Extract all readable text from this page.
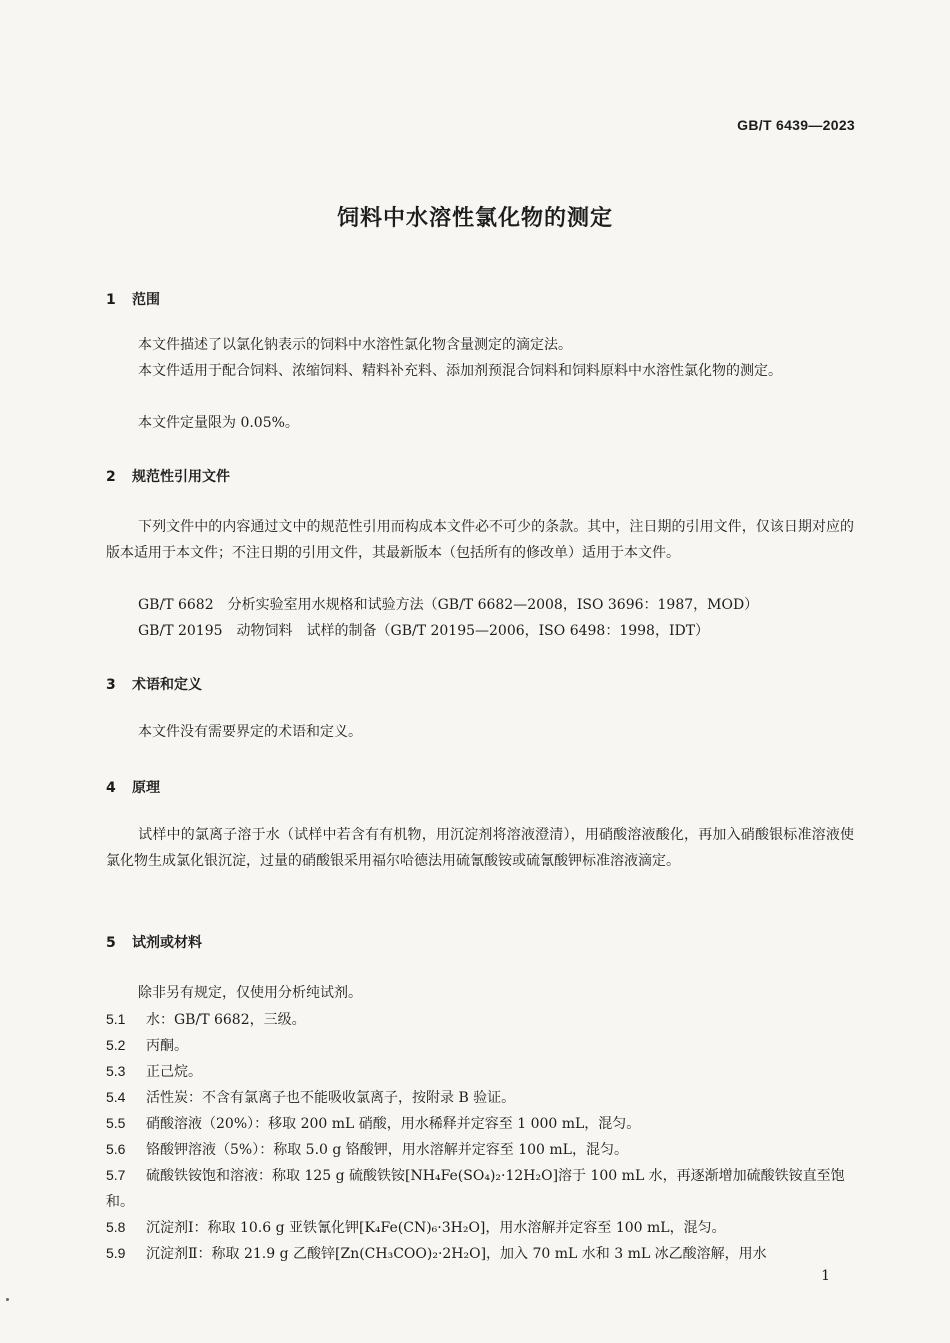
GB/T 6439—2023
饲料中水溶性氯化物的测定
1 范围
本文件描述了以氯化钠表示的饲料中水溶性氯化物含量测定的滴定法。
本文件适用于配合饲料、浓缩饲料、精料补充料、添加剂预混合饲料和饲料原料中水溶性氯化物的测定。
本文件定量限为 0.05%。
2 规范性引用文件
下列文件中的内容通过文中的规范性引用而构成本文件必不可少的条款。其中，注日期的引用文件，仅该日期对应的版本适用于本文件；不注日期的引用文件，其最新版本（包括所有的修改单）适用于本文件。
GB/T 6682　分析实验室用水规格和试验方法（GB/T 6682—2008，ISO 3696：1987，MOD）
GB/T 20195　动物饲料　试样的制备（GB/T 20195—2006，ISO 6498：1998，IDT）
3 术语和定义
本文件没有需要界定的术语和定义。
4 原理
试样中的氯离子溶于水（试样中若含有有机物，用沉淀剂将溶液澄清），用硝酸溶液酸化，再加入硝酸银标准溶液使氯化物生成氯化银沉淀，过量的硝酸银采用福尔哈德法用硫氰酸铵或硫氰酸钾标准溶液滴定。
5 试剂或材料
除非另有规定，仅使用分析纯试剂。
5.1 水：GB/T 6682，三级。
5.2 丙酮。
5.3 正己烷。
5.4 活性炭：不含有氯离子也不能吸收氯离子，按附录 B 验证。
5.5 硝酸溶液（20%）：移取 200 mL 硝酸，用水稀释并定容至 1 000 mL，混匀。
5.6 铬酸钾溶液（5%）：称取 5.0 g 铬酸钾，用水溶解并定容至 100 mL，混匀。
5.7 硫酸铁铵饱和溶液：称取 125 g 硫酸铁铵[NH₄Fe(SO₄)₂·12H₂O]溶于 100 mL 水，再逐渐增加硫酸铁铵直至饱和。
5.8 沉淀剂Ⅰ：称取 10.6 g 亚铁氰化钾[K₄Fe(CN)₆·3H₂O]，用水溶解并定容至 100 mL，混匀。
5.9 沉淀剂Ⅱ：称取 21.9 g 乙酸锌[Zn(CH₃COO)₂·2H₂O]，加入 70 mL 水和 3 mL 冰乙酸溶解，用水
1
